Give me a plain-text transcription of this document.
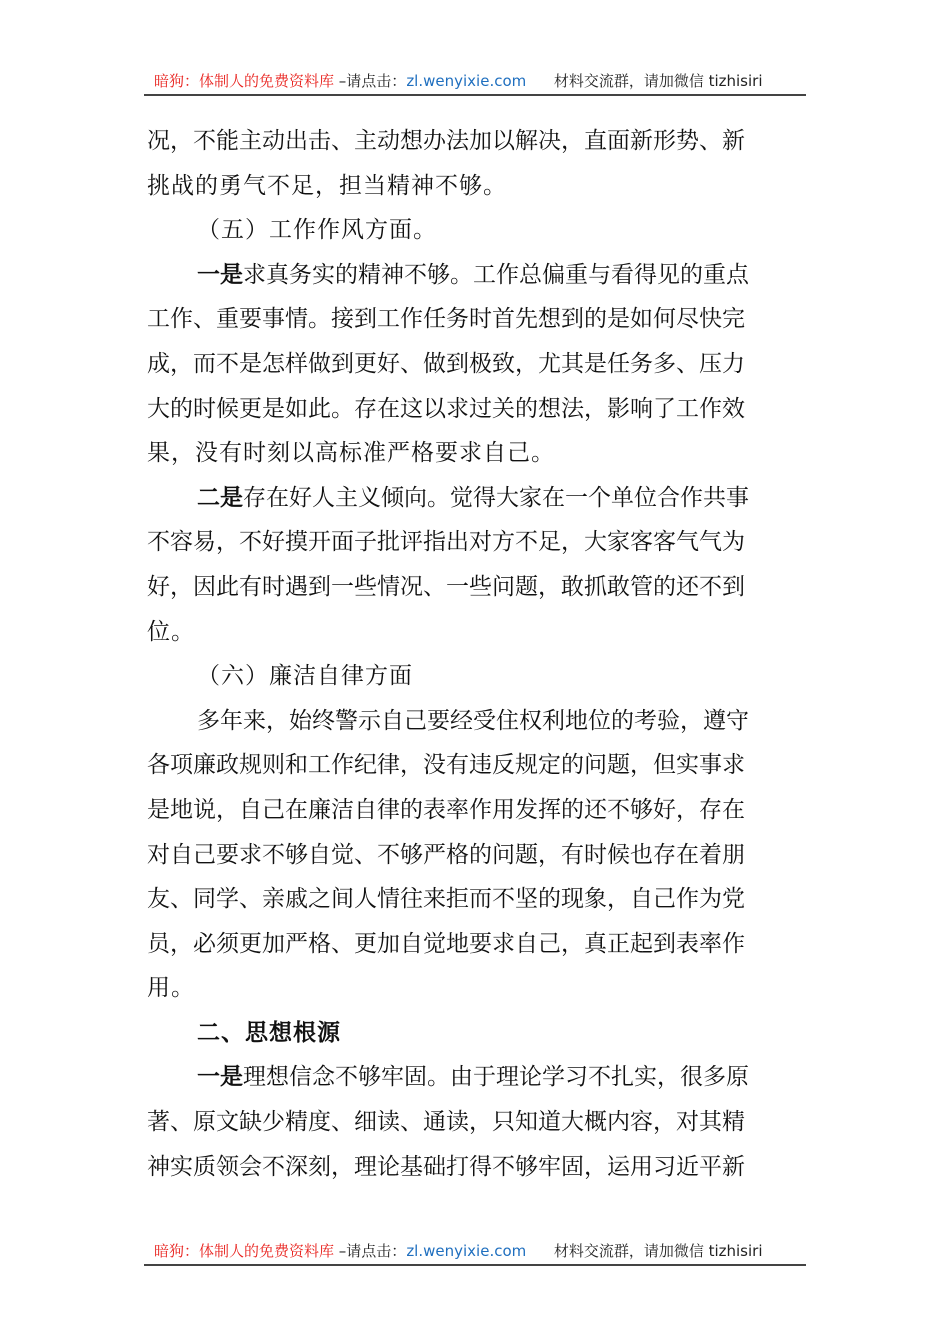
暗狗：体制人的免费资料库 –请点击：zl.wenyixie.com 材料交流群，请加微信 tizhisiri
况，不能主动出击、主动想办法加以解决，直面新形势、新
挑战的勇气不足，担当精神不够。
（五）工作作风方面。
一是求真务实的精神不够。工作总偏重与看得见的重点
工作、重要事情。接到工作任务时首先想到的是如何尽快完
成，而不是怎样做到更好、做到极致，尤其是任务多、压力
大的时候更是如此。存在这以求过关的想法，影响了工作效
果，没有时刻以高标准严格要求自己。
二是存在好人主义倾向。觉得大家在一个单位合作共事
不容易，不好摸开面子批评指出对方不足，大家客客气气为
好，因此有时遇到一些情况、一些问题，敢抓敢管的还不到
位。
（六）廉洁自律方面
多年来，始终警示自己要经受住权利地位的考验，遵守
各项廉政规则和工作纪律，没有违反规定的问题，但实事求
是地说，自己在廉洁自律的表率作用发挥的还不够好，存在
对自己要求不够自觉、不够严格的问题，有时候也存在着朋
友、同学、亲戚之间人情往来拒而不坚的现象，自己作为党
员，必须更加严格、更加自觉地要求自己，真正起到表率作
用。
二、思想根源
一是理想信念不够牢固。由于理论学习不扎实，很多原
著、原文缺少精度、细读、通读，只知道大概内容，对其精
神实质领会不深刻，理论基础打得不够牢固，运用习近平新
暗狗：体制人的免费资料库 –请点击：zl.wenyixie.com 材料交流群，请加微信 tizhisiri
